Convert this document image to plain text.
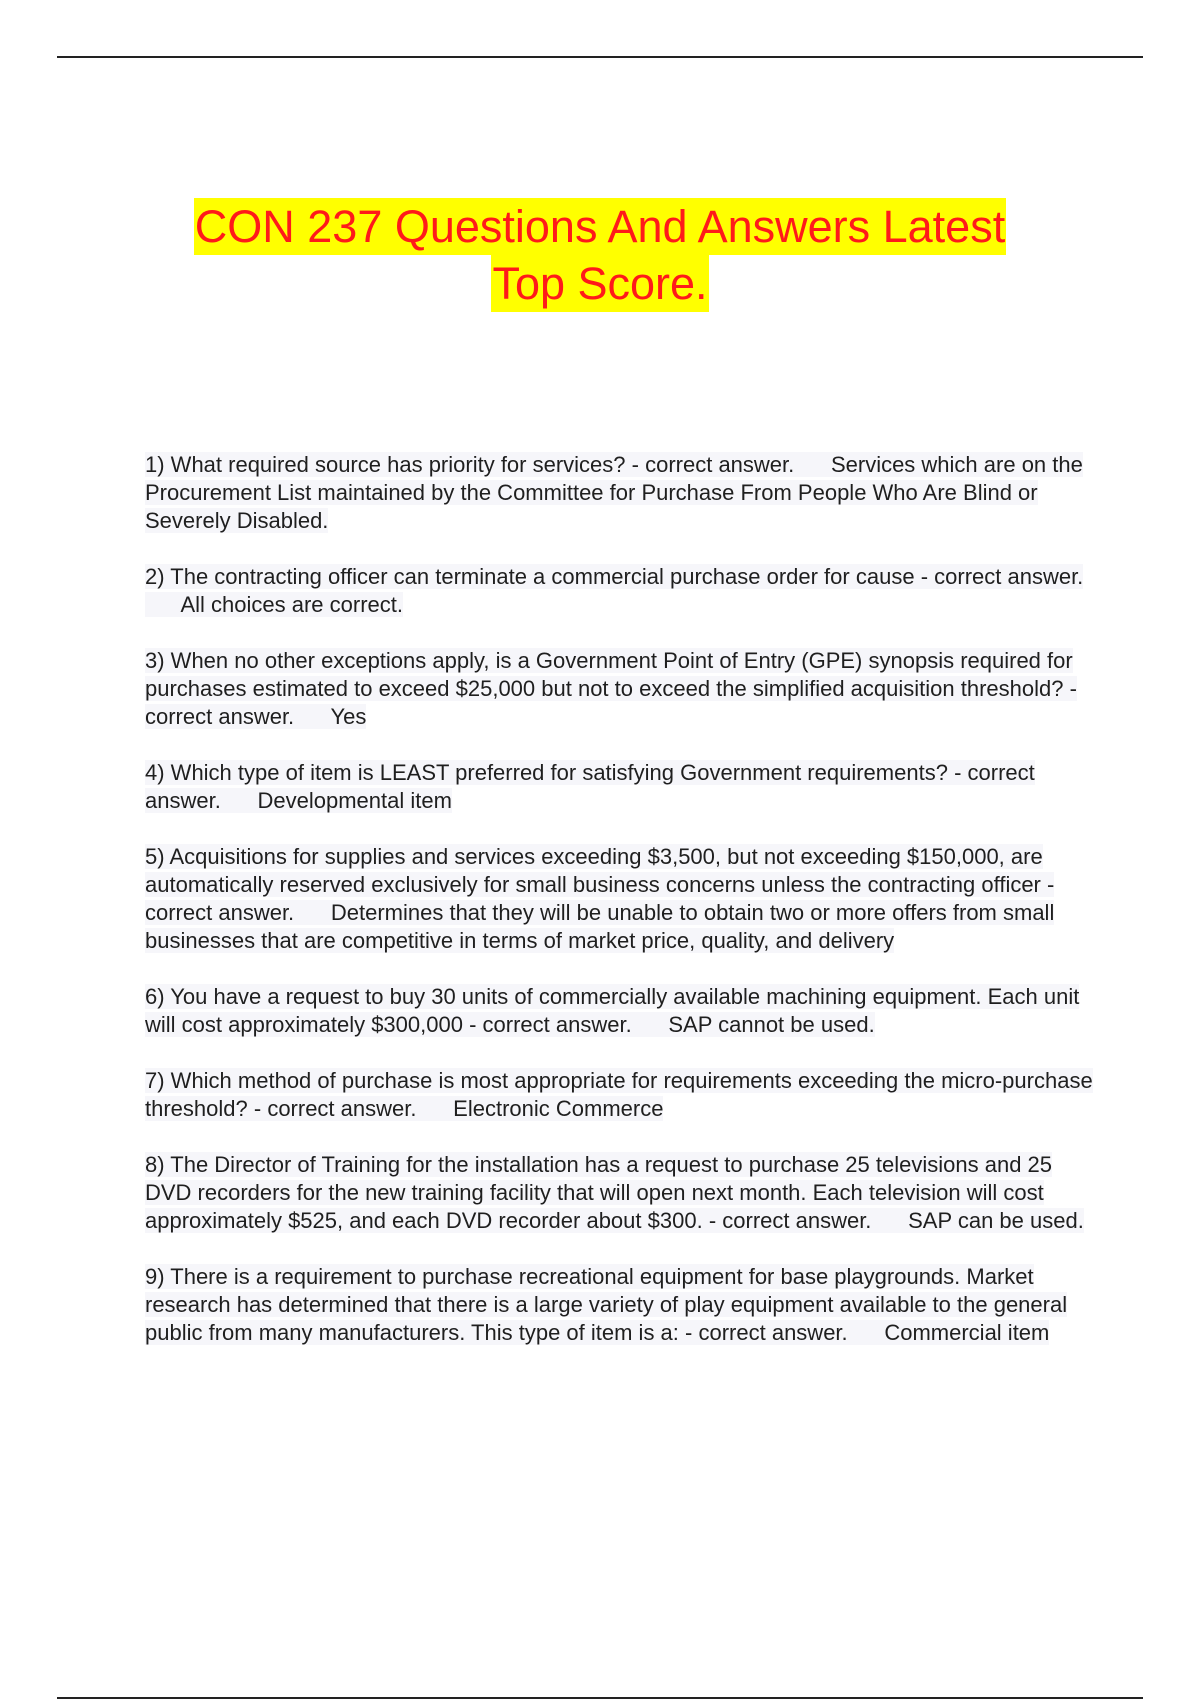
CON 237 Questions And Answers Latest
Top Score.
1) What required source has priority for services? - correct answer. Services which are on the Procurement List maintained by the Committee for Purchase From People Who Are Blind or Severely Disabled.
2) The contracting officer can terminate a commercial purchase order for cause - correct answer.      All choices are correct.
3) When no other exceptions apply, is a Government Point of Entry (GPE) synopsis required for purchases estimated to exceed $25,000 but not to exceed the simplified acquisition threshold? - correct answer. Yes
4) Which type of item is LEAST preferred for satisfying Government requirements? - correct answer. Developmental item
5) Acquisitions for supplies and services exceeding $3,500, but not exceeding $150,000, are automatically reserved exclusively for small business concerns unless the contracting officer - correct answer. Determines that they will be unable to obtain two or more offers from small businesses that are competitive in terms of market price, quality, and delivery
6) You have a request to buy 30 units of commercially available machining equipment. Each unit will cost approximately $300,000 - correct answer. SAP cannot be used.
7) Which method of purchase is most appropriate for requirements exceeding the micro-purchase threshold? - correct answer. Electronic Commerce
8) The Director of Training for the installation has a request to purchase 25 televisions and 25 DVD recorders for the new training facility that will open next month. Each television will cost approximately $525, and each DVD recorder about $300. - correct answer. SAP can be used.
9) There is a requirement to purchase recreational equipment for base playgrounds. Market research has determined that there is a large variety of play equipment available to the general public from many manufacturers. This type of item is a: - correct answer. Commercial item
